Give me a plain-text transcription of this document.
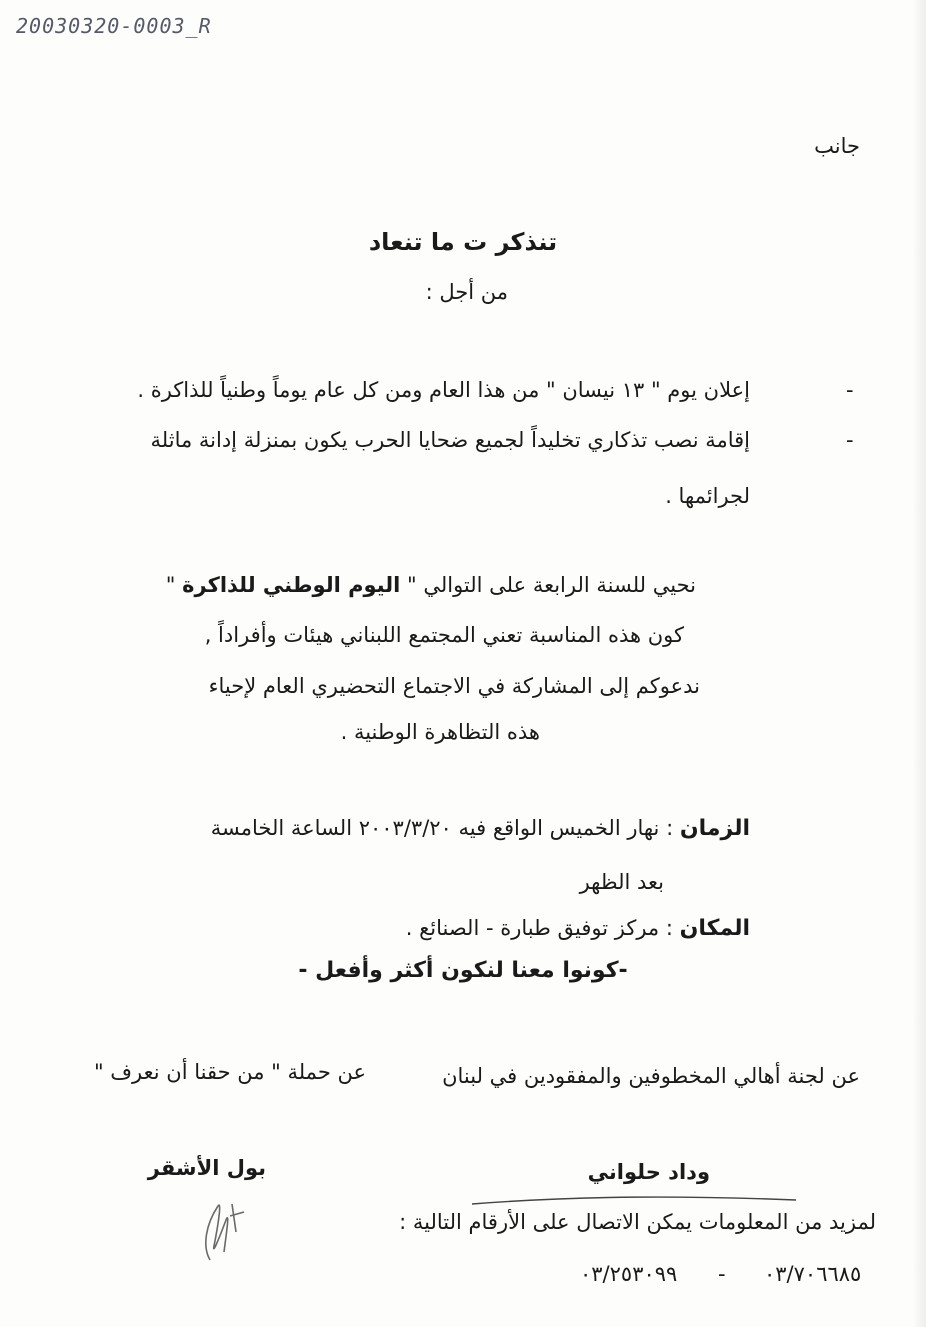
20030320-0003_R
جانب
تنذكر ت ما تنعاد
من أجل :
إعلان يوم " ١٣ نيسان " من هذا العام ومن كل عام يوماً وطنياً للذاكرة .	-
إقامة نصب تذكاري تخليداً لجميع ضحايا الحرب يكون بمنزلة إدانة ماثلة	-
لجرائمها .
نحيي للسنة الرابعة على التوالي " اليوم الوطني للذاكرة "
كون هذه المناسبة تعني المجتمع اللبناني هيئات وأفراداً ,
ندعوكم إلى المشاركة في الاجتماع التحضيري العام لإحياء
هذه التظاهرة الوطنية .
الزمان : نهار الخميس الواقع فيه ٢٠٠٣/٣/٢٠ الساعة الخامسة
بعد الظهر
المكان : مركز توفيق طبارة - الصنائع .
-كونوا معنا لنكون أكثر وأفعل -
عن لجنة أهالي المخطوفين والمفقودين في لبنان
عن حملة " من حقنا أن نعرف "
وداد حلواني
بول الأشقر
لمزيد من المعلومات يمكن الاتصال على الأرقام التالية :
٠٣/٢٥٣٠٩٩ - ٠٣/٧٠٦٦٨٥
